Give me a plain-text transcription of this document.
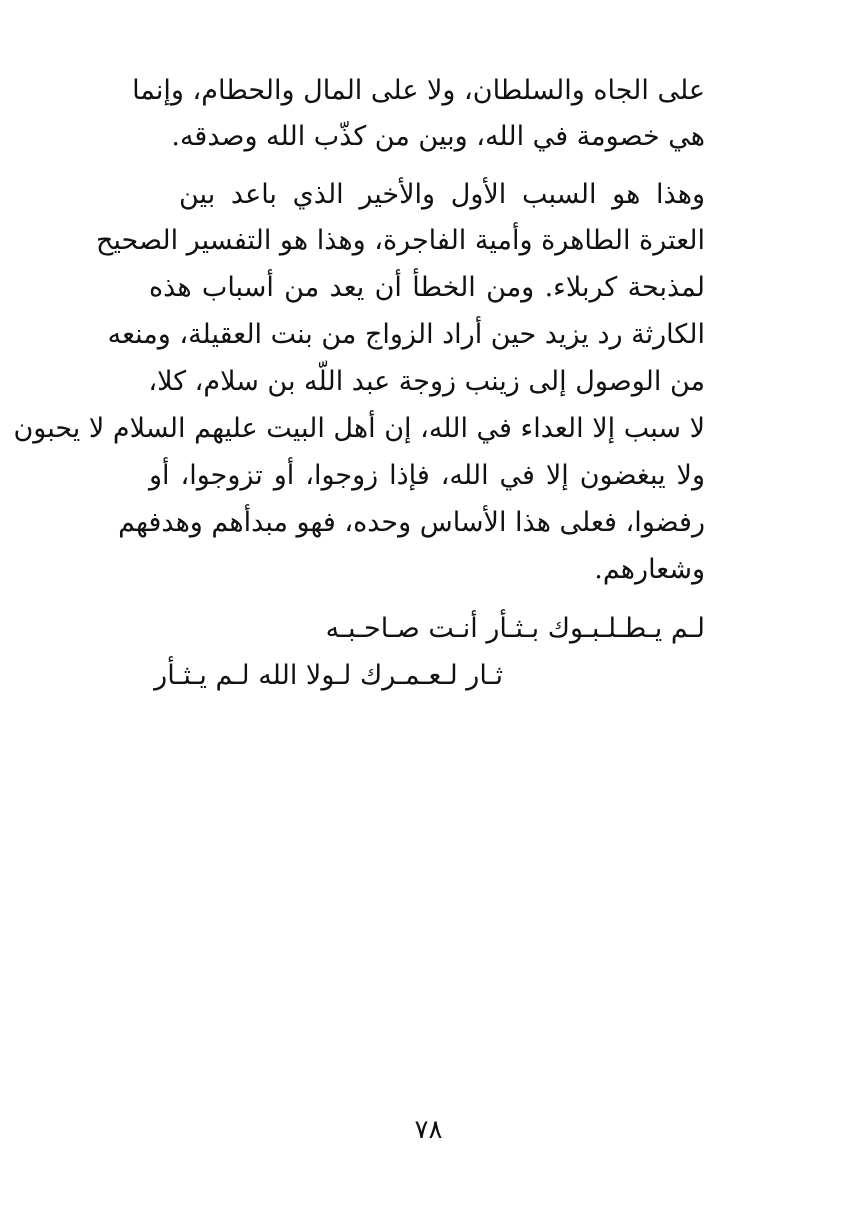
على الجاه والسلطان، ولا على المال والحطام، وإنما
هي خصومة في الله، وبين من كذّب الله وصدقه.
وهذا هو السبب الأول والأخير الذي باعد بين
العترة الطاهرة وأمية الفاجرة، وهذا هو التفسير الصحيح
لمذبحة كربلاء. ومن الخطأ أن يعد من أسباب هذه
الكارثة رد يزيد حين أراد الزواج من بنت العقيلة، ومنعه
من الوصول إلى زينب زوجة عبد اللّه بن سلام، كلا،
لا سبب إلا العداء في الله، إن أهل البيت عليهم السلام لا يحبون
ولا يبغضون إلا في الله، فإذا زوجوا، أو تزوجوا، أو
رفضوا، فعلى هذا الأساس وحده، فهو مبدأهم وهدفهم
وشعارهم.
لـم يـطـلـبـوك بـثـأر أنـت صـاحـبـه
ثـار لـعـمـرك لـولا الله لـم يـثـأر
٧٨
